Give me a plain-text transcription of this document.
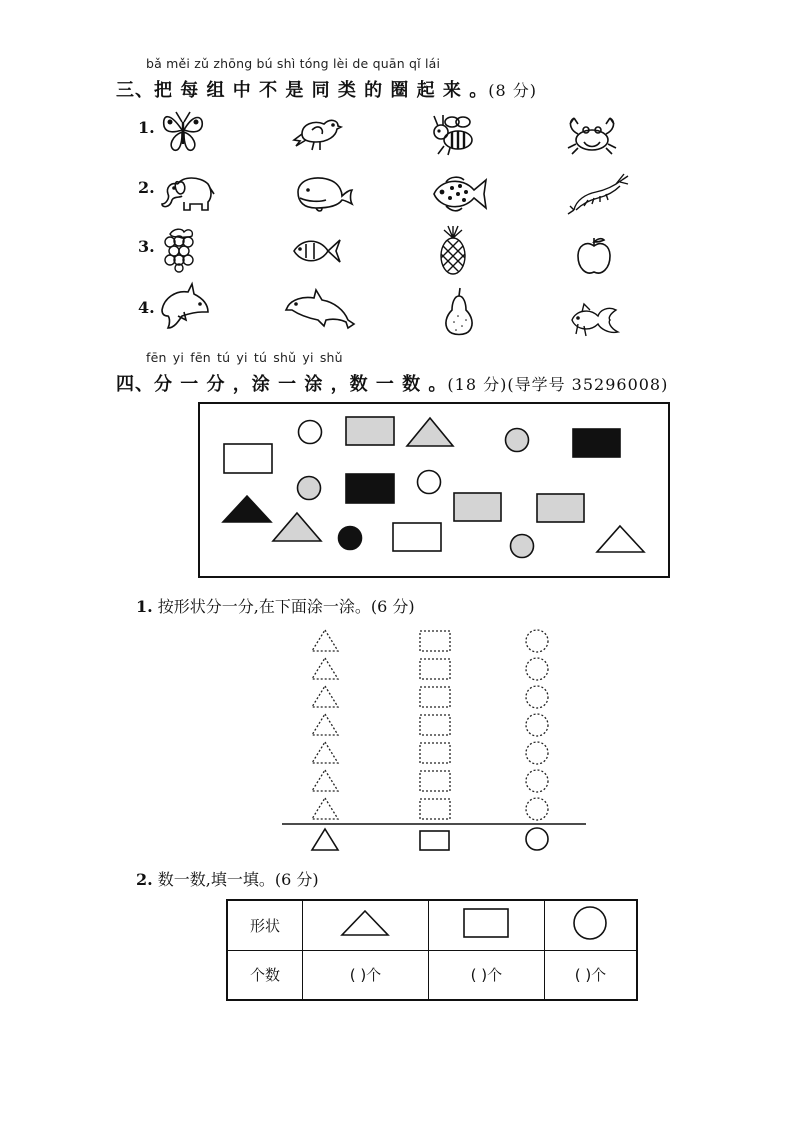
bǎ měi zǔ zhōng bú shì tóng lèi de quān qǐ lái
三、把 每 组 中 不 是 同 类 的 圈 起 来 。(8 分)
1.
2.
3.
4.
fēn yi fēn tú yi tú shǔ yi shǔ
四、分 一 分 ，涂 一 涂 ，数 一 数 。(18 分)(导学号 35296008)
1. 按形状分一分,在下面涂一涂。(6 分)
2. 数一数,填一填。(6 分)
形状			
个数	( )个	( )个	( )个
